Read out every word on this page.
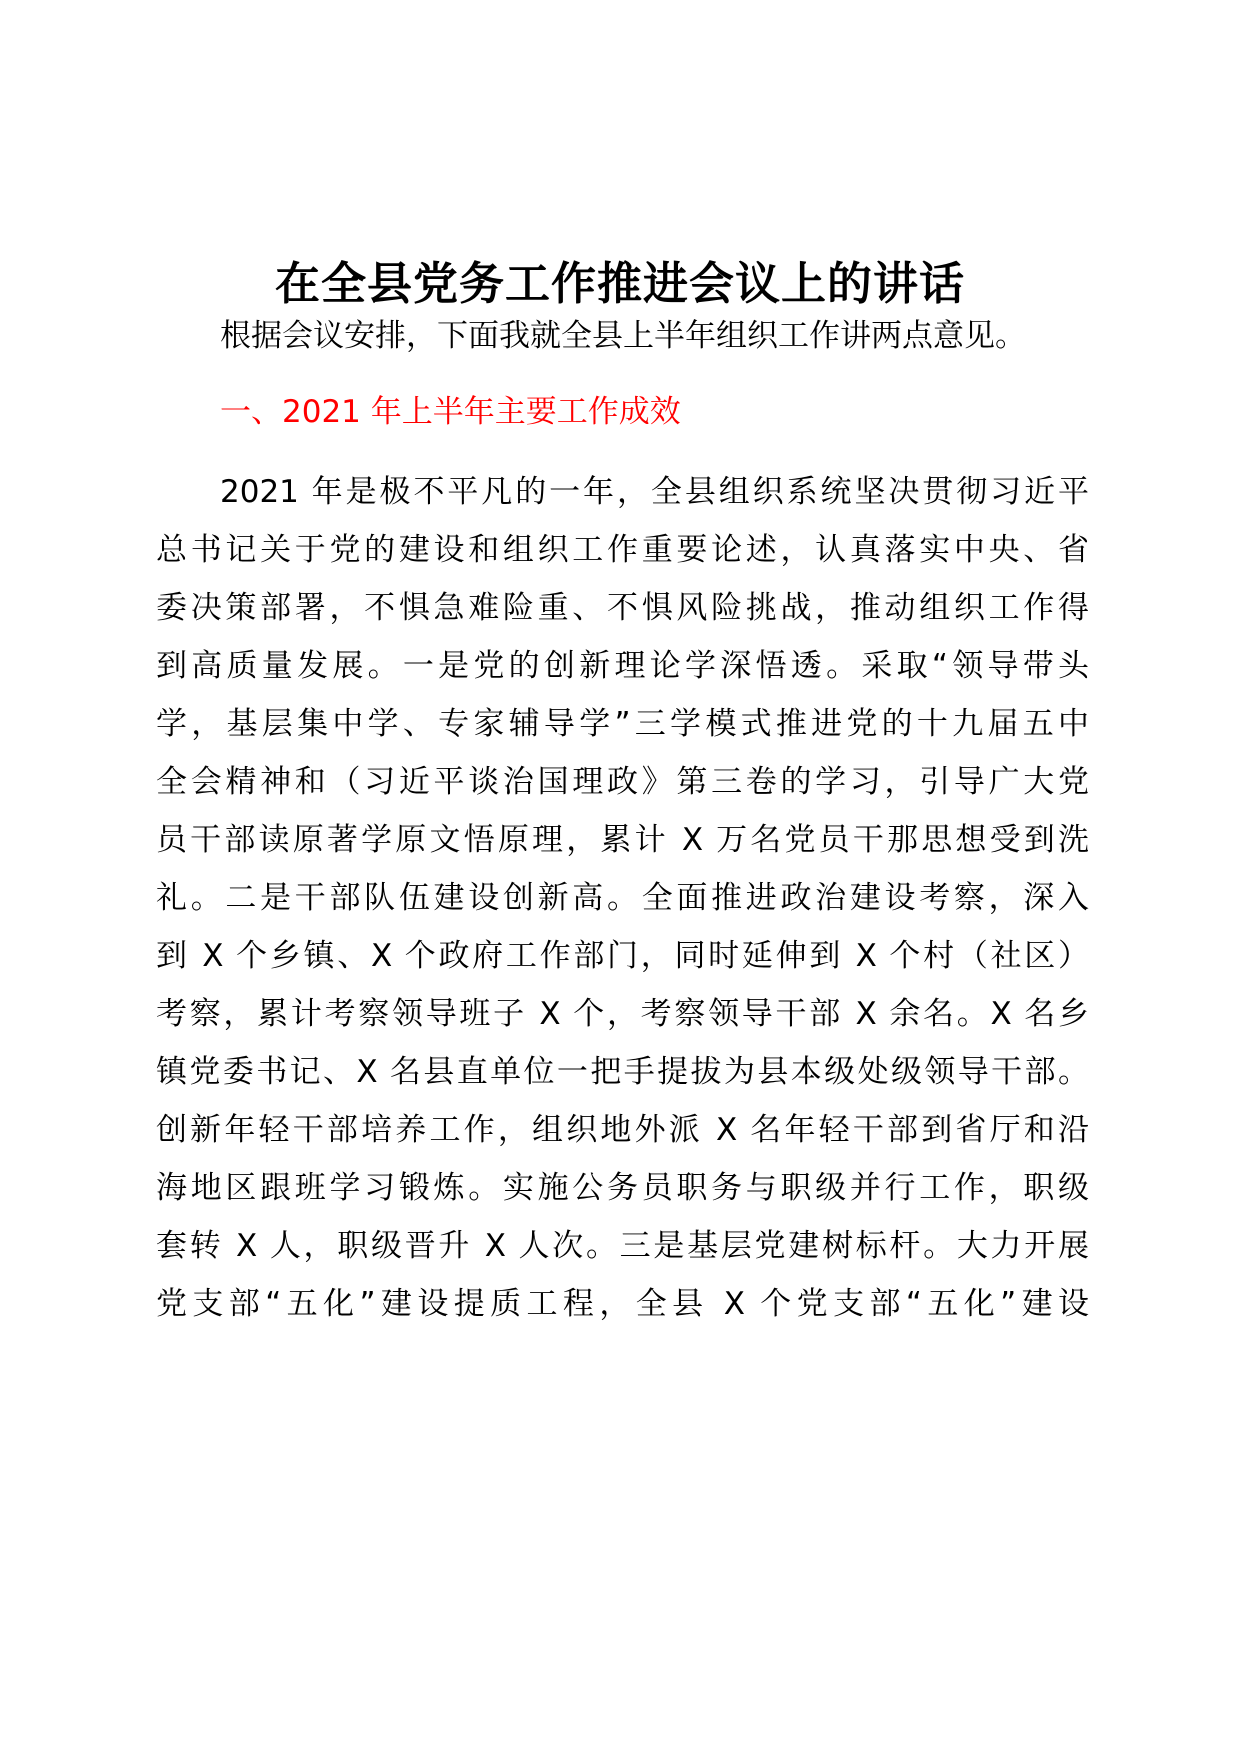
在全县党务工作推进会议上的讲话

根据会议安排，下面我就全县上半年组织工作讲两点意见。

一、2021 年上半年主要工作成效

2021 年是极不平凡的一年，全县组织系统坚决贯彻习近平

总书记关于党的建设和组织工作重要论述，认真落实中央、省

委决策部署，不惧急难险重、不惧风险挑战，推动组织工作得

到高质量发展。一是党的创新理论学深悟透。采取“领导带头

学，基层集中学、专家辅导学”三学模式推进党的十九届五中

全会精神和（习近平谈治国理政》第三卷的学习，引导广大党

员干部读原著学原文悟原理，累计 X 万名党员干那思想受到洗

礼。二是干部队伍建设创新高。全面推进政治建设考察，深入

到 X 个乡镇、X 个政府工作部门，同时延伸到 X 个村（社区）

考察，累计考察领导班子 X 个，考察领导干部 X 余名。X 名乡

镇党委书记、X 名县直单位一把手提拔为县本级处级领导干部。

创新年轻干部培养工作，组织地外派 X 名年轻干部到省厅和沿

海地区跟班学习锻炼。实施公务员职务与职级并行工作，职级

套转 X 人，职级晋升 X 人次。三是基层党建树标杆。大力开展

党支部“五化”建设提质工程，全县 X 个党支部“五化”建设
